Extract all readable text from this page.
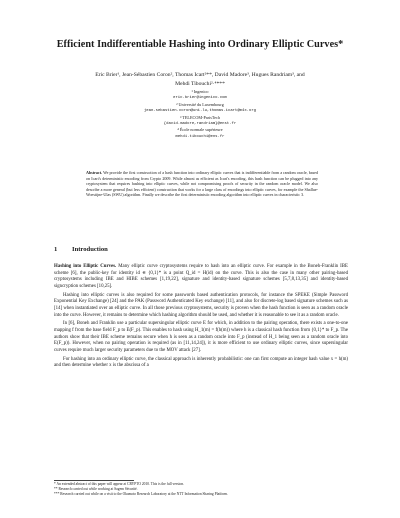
Efficient Indifferentiable Hashing into Ordinary Elliptic Curves*
Eric Brier¹, Jean-Sébastien Coron², Thomas Icart²**, David Madore³, Hugues Randriam³, and
Mehdi Tibouchi²·⁴***
¹ Ingenico
eric.brier@ingenico.com
² Université du Luxembourg
jean-sebastien.coron@uni.lu,thomas.icart@m4x.org
³ TELECOM-ParisTech
{david.madore,randriam}@enst.fr
⁴ École normale supérieure
mehdi.tibouchi@ens.fr
Abstract. We provide the first construction of a hash function into ordinary elliptic curves that is indifferentiable from a random oracle, based on Icart's deterministic encoding from Crypto 2009. While almost as efficient as Icart's encoding, this hash function can be plugged into any cryptosystem that requires hashing into elliptic curves, while not compromising proofs of security in the random oracle model. We also describe a more general (but less efficient) construction that works for a large class of encodings into elliptic curves, for example the Shallue-Woestijne-Ulas (SWU) algorithm. Finally we describe the first deterministic encoding algorithm into elliptic curves in characteristic 3.
1 Introduction

Hashing into Elliptic Curves. Many elliptic curve cryptosystems require to hash into an elliptic curve. For example in the Boneh-Franklin IBE scheme [6], the public-key for identity id ∈ {0,1}* is a point Q_id = H(id) on the curve. This is also the case in many other pairing-based cryptosystems including IBE and HIBE schemes [1,19,22], signature and identity-based signature schemes [5,7,8,13,35] and identity-based signcryption schemes [10,25].

Hashing into elliptic curves is also required for some passwords based authentication protocols, for instance the SPEKE (Simple Password Exponential Key Exchange) [24] and the PAK (Password Authenticated Key exchange) [11], and also for discrete-log based signature schemes such as [14] when instantiated over an elliptic curve. In all those previous cryptosystems, security is proven when the hash function is seen as a random oracle into the curve. However, it remains to determine which hashing algorithm should be used, and whether it is reasonable to see it as a random oracle.

In [6], Boneh and Franklin use a particular supersingular elliptic curve E for which, in addition to the pairing operation, there exists a one-to-one mapping f from the base field F_p to E(F_p). This enables to hash using H_1(m) = f(h(m)) where h is a classical hash function from {0,1}* to F_p. The authors show that their IBE scheme remains secure when h is seen as a random oracle into F_p (instead of H_1 being seen as a random oracle into E(F_p)). However, when no pairing operation is required (as in [11,14,24]), it is more efficient to use ordinary elliptic curves, since supersingular curves require much larger security parameters due to the MOV attack [27].

For hashing into an ordinary elliptic curve, the classical approach is inherently probabilistic: one can first compute an integer hash value x = h(m) and then determine whether x is the abscissa of a

* An extended abstract of this paper will appear at CRYPTO 2010. This is the full version.
** Research carried out while working at Sagem Sécurité.
*** Research carried out while on a visit to the Okamoto Research Laboratory at the NTT Information Sharing Platform.
